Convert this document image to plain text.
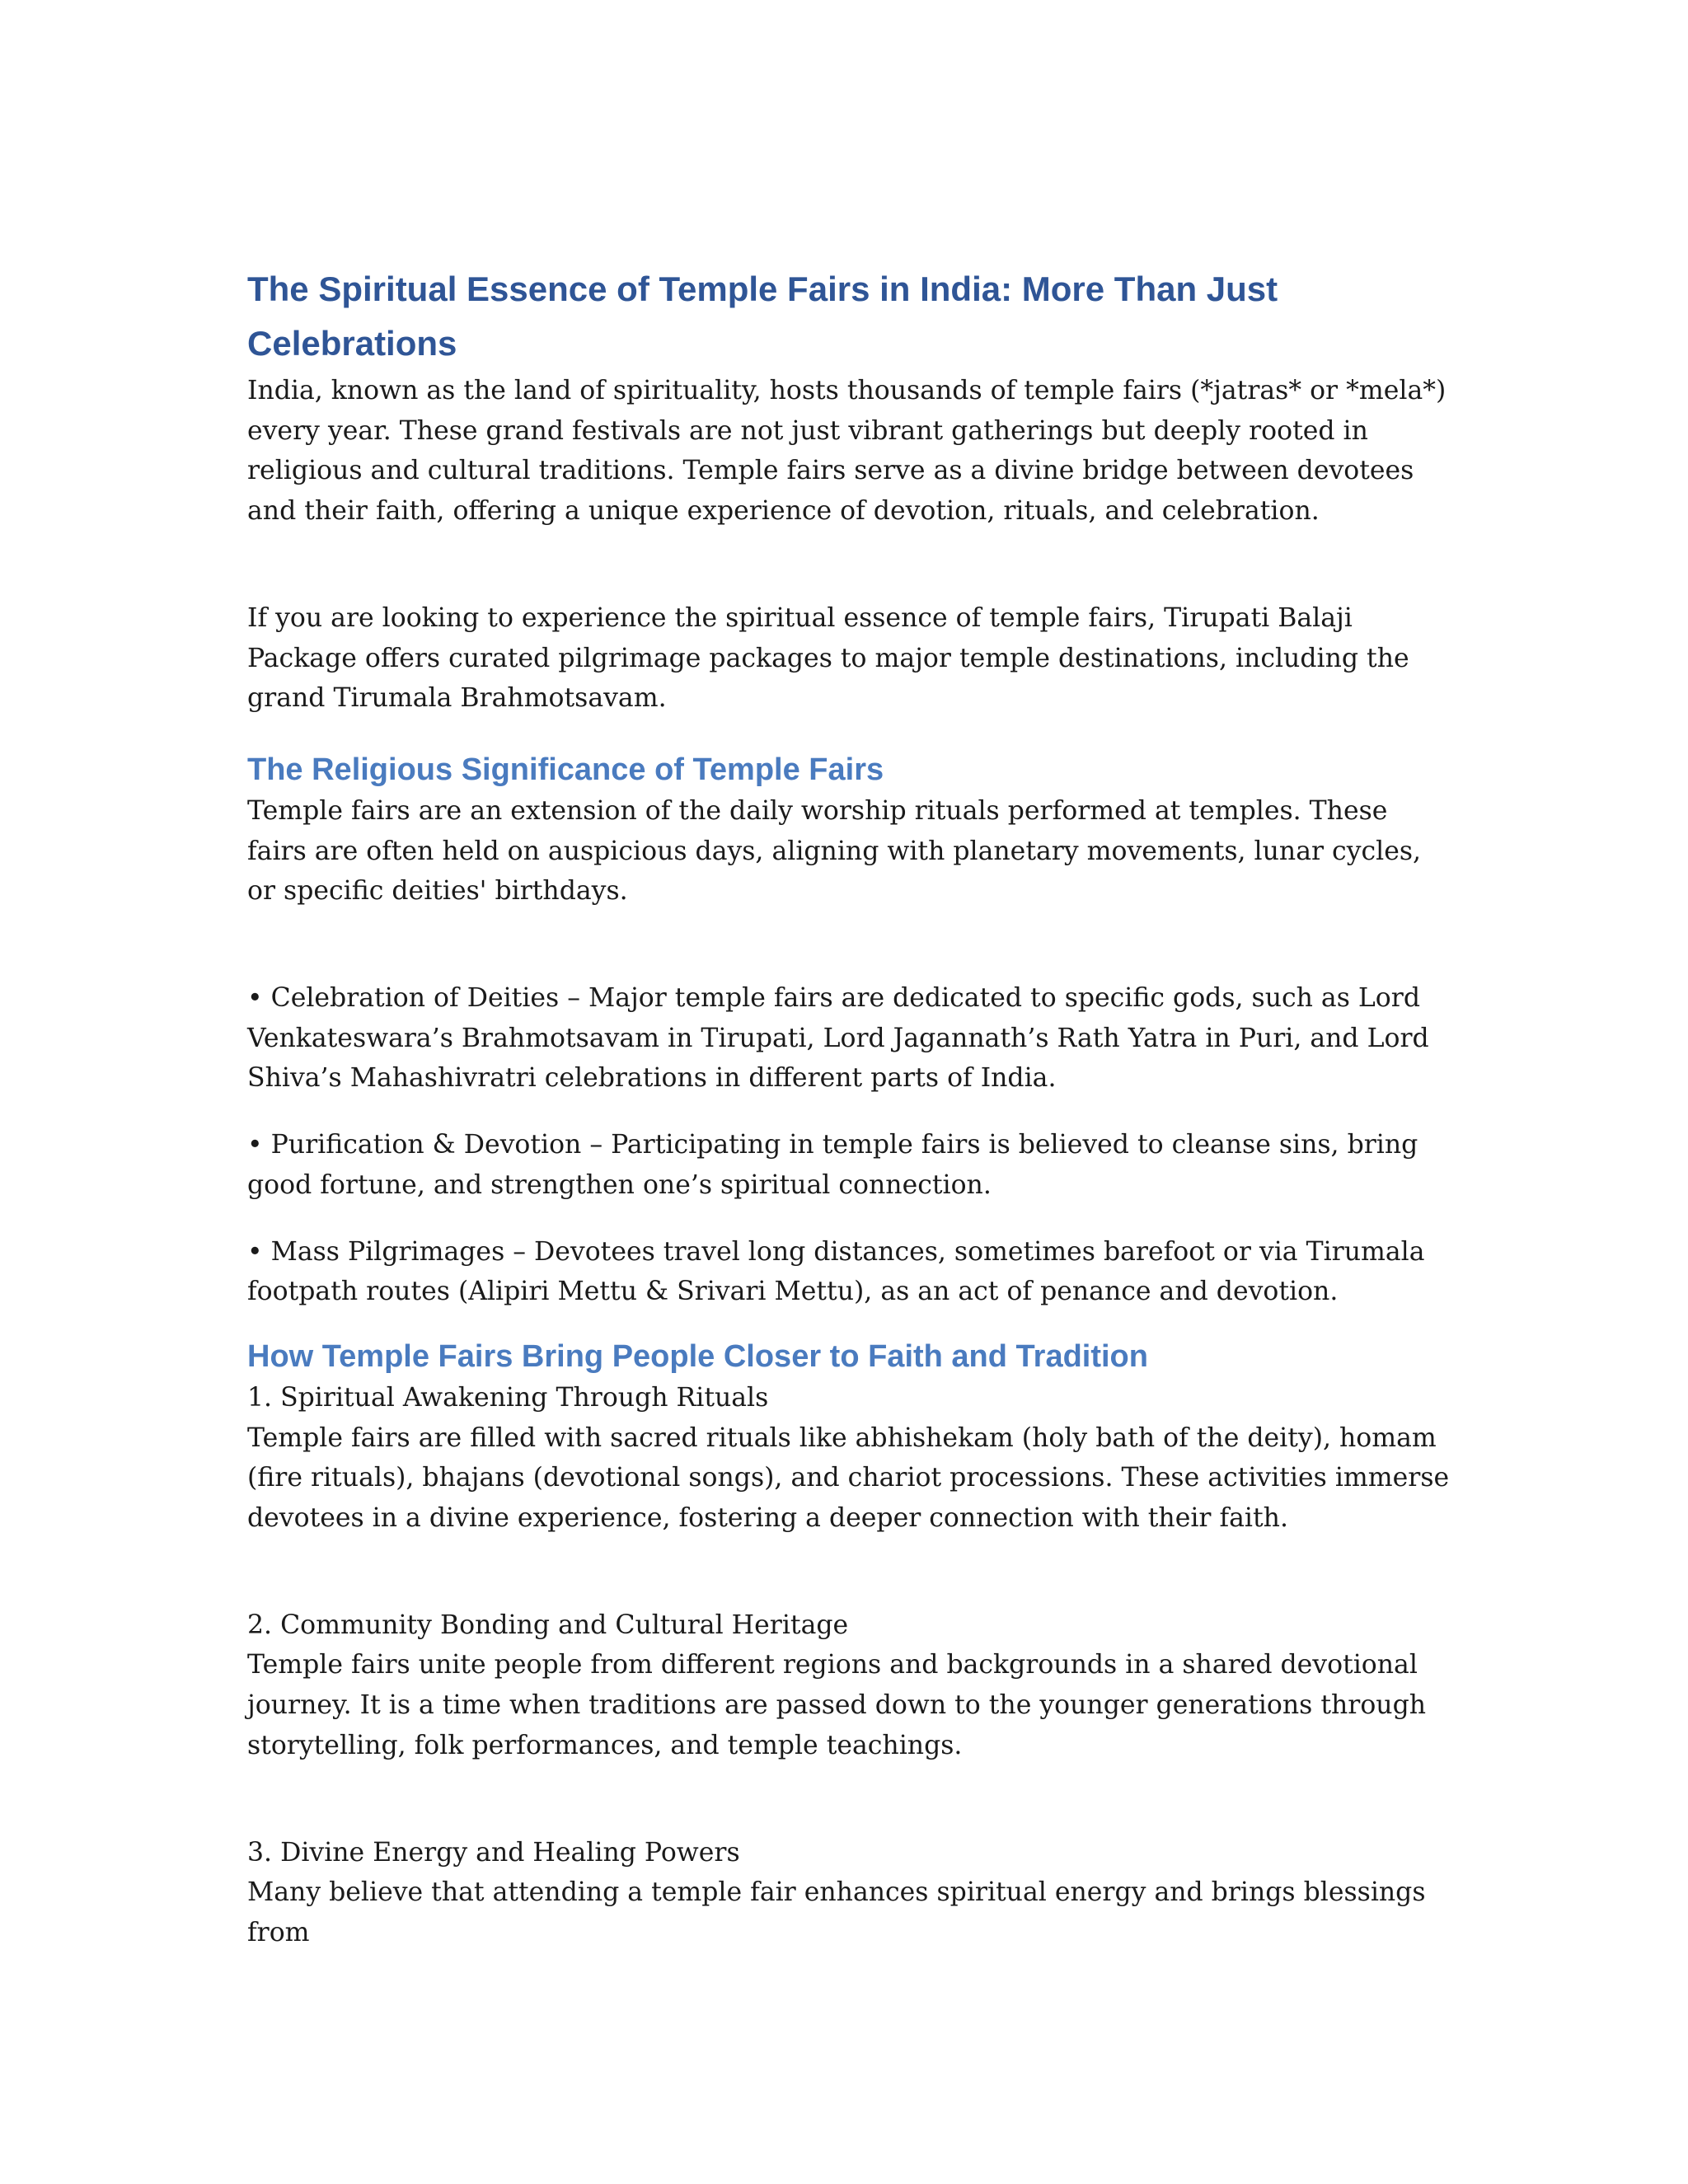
The Spiritual Essence of Temple Fairs in India: More Than Just Celebrations

India, known as the land of spirituality, hosts thousands of temple fairs (*jatras* or *mela*) every year. These grand festivals are not just vibrant gatherings but deeply rooted in religious and cultural traditions. Temple fairs serve as a divine bridge between devotees and their faith, offering a unique experience of devotion, rituals, and celebration.

If you are looking to experience the spiritual essence of temple fairs, Tirupati Balaji Package offers curated pilgrimage packages to major temple destinations, including the grand Tirumala Brahmotsavam.

The Religious Significance of Temple Fairs

Temple fairs are an extension of the daily worship rituals performed at temples. These fairs are often held on auspicious days, aligning with planetary movements, lunar cycles, or specific deities' birthdays.

• Celebration of Deities – Major temple fairs are dedicated to specific gods, such as Lord Venkateswara’s Brahmotsavam in Tirupati, Lord Jagannath’s Rath Yatra in Puri, and Lord Shiva’s Mahashivratri celebrations in different parts of India.

• Purification & Devotion – Participating in temple fairs is believed to cleanse sins, bring good fortune, and strengthen one’s spiritual connection.

• Mass Pilgrimages – Devotees travel long distances, sometimes barefoot or via Tirumala footpath routes (Alipiri Mettu & Srivari Mettu), as an act of penance and devotion.

How Temple Fairs Bring People Closer to Faith and Tradition

1. Spiritual Awakening Through Rituals

Temple fairs are filled with sacred rituals like abhishekam (holy bath of the deity), homam (fire rituals), bhajans (devotional songs), and chariot processions. These activities immerse devotees in a divine experience, fostering a deeper connection with their faith.

2. Community Bonding and Cultural Heritage

Temple fairs unite people from different regions and backgrounds in a shared devotional journey. It is a time when traditions are passed down to the younger generations through storytelling, folk performances, and temple teachings.

3. Divine Energy and Healing Powers

Many believe that attending a temple fair enhances spiritual energy and brings blessings from
